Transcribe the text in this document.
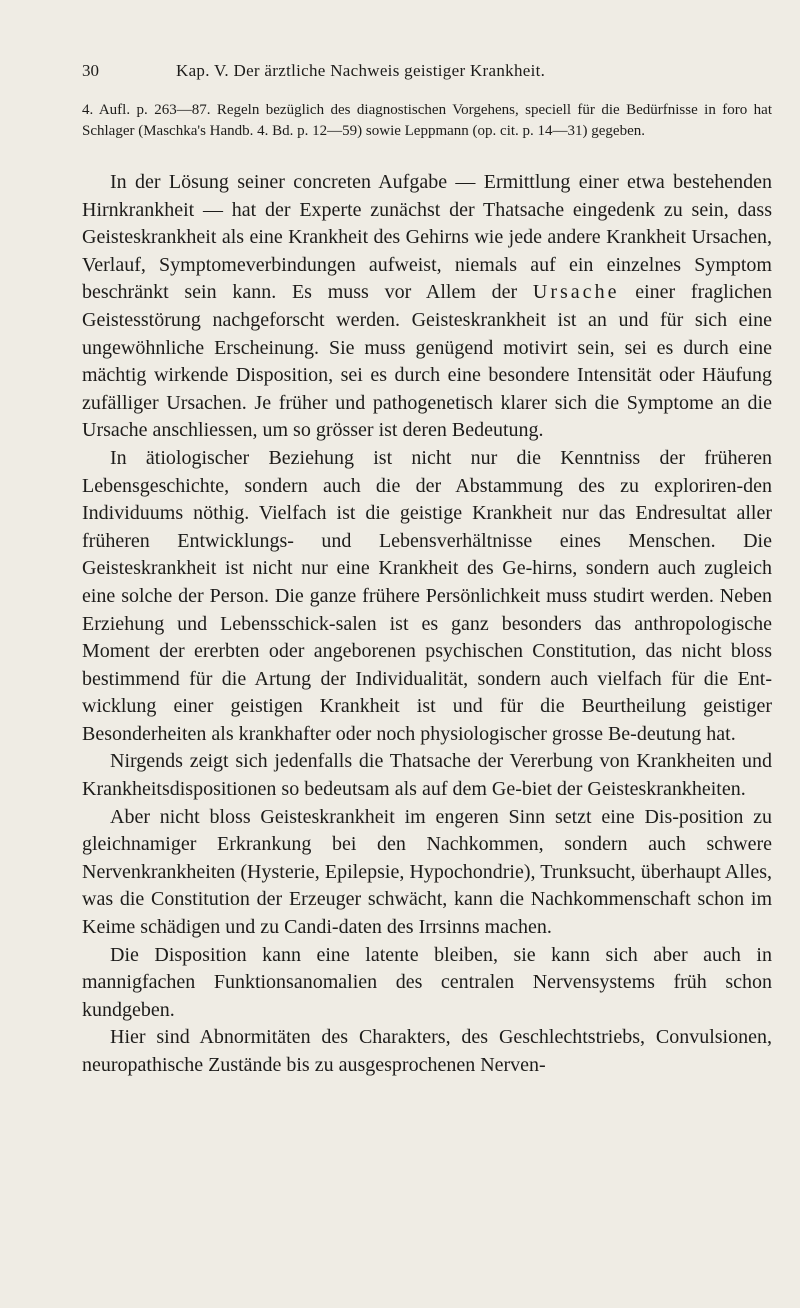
30	Kap. V. Der ärztliche Nachweis geistiger Krankheit.

4. Aufl. p. 263—87. Regeln bezüglich des diagnostischen Vorgehens, speciell für die Bedürfnisse in foro hat Schlager (Maschka's Handb. 4. Bd. p. 12—59) sowie Leppmann (op. cit. p. 14—31) gegeben.

In der Lösung seiner concreten Aufgabe — Ermittlung einer etwa bestehenden Hirnkrankheit — hat der Experte zunächst der Thatsache eingedenk zu sein, dass Geisteskrankheit als eine Krankheit des Gehirns wie jede andere Krankheit Ursachen, Verlauf, Symptomeverbindungen aufweist, niemals auf ein einzelnes Symptom beschränkt sein kann. Es muss vor Allem der Ursache einer fraglichen Geistesstörung nachgeforscht werden. Geisteskrankheit ist an und für sich eine ungewöhnliche Erscheinung. Sie muss genügend motivirt sein, sei es durch eine mächtig wirkende Disposition, sei es durch eine besondere Intensität oder Häufung zufälliger Ursachen. Je früher und pathogenetisch klarer sich die Symptome an die Ursache anschliessen, um so grösser ist deren Bedeutung.

In ätiologischer Beziehung ist nicht nur die Kenntniss der früheren Lebensgeschichte, sondern auch die der Abstammung des zu exploriren-den Individuums nöthig. Vielfach ist die geistige Krankheit nur das Endresultat aller früheren Entwicklungs- und Lebensverhältnisse eines Menschen. Die Geisteskrankheit ist nicht nur eine Krankheit des Ge-hirns, sondern auch zugleich eine solche der Person. Die ganze frühere Persönlichkeit muss studirt werden. Neben Erziehung und Lebensschick-salen ist es ganz besonders das anthropologische Moment der ererbten oder angeborenen psychischen Constitution, das nicht bloss bestimmend für die Artung der Individualität, sondern auch vielfach für die Ent-wicklung einer geistigen Krankheit ist und für die Beurtheilung geistiger Besonderheiten als krankhafter oder noch physiologischer grosse Be-deutung hat.

Nirgends zeigt sich jedenfalls die Thatsache der Vererbung von Krankheiten und Krankheitsdispositionen so bedeutsam als auf dem Ge-biet der Geisteskrankheiten.

Aber nicht bloss Geisteskrankheit im engeren Sinn setzt eine Dis-position zu gleichnamiger Erkrankung bei den Nachkommen, sondern auch schwere Nervenkrankheiten (Hysterie, Epilepsie, Hypochondrie), Trunksucht, überhaupt Alles, was die Constitution der Erzeuger schwächt, kann die Nachkommenschaft schon im Keime schädigen und zu Candi-daten des Irrsinns machen.

Die Disposition kann eine latente bleiben, sie kann sich aber auch in mannigfachen Funktionsanomalien des centralen Nervensystems früh schon kundgeben.

Hier sind Abnormitäten des Charakters, des Geschlechtstriebs, Convulsionen, neuropathische Zustände bis zu ausgesprochenen Nerven-
